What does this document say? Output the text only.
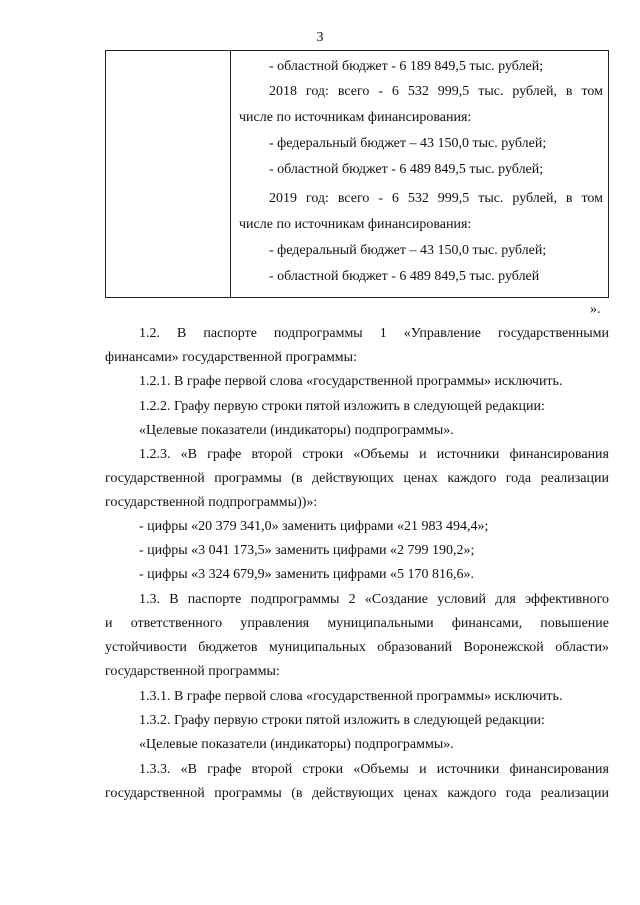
3
- областной бюджет - 6 189 849,5 тыс. рублей;
2018 год: всего - 6 532 999,5 тыс. рублей, в том
числе по источникам финансирования:
- федеральный бюджет – 43 150,0 тыс. рублей;
- областной бюджет - 6 489 849,5 тыс. рублей;
2019 год: всего - 6 532 999,5 тыс. рублей, в том
числе по источникам финансирования:
- федеральный бюджет – 43 150,0 тыс. рублей;
- областной бюджет - 6 489 849,5 тыс. рублей
».
1.2. В паспорте подпрограммы 1 «Управление государственными
финансами» государственной программы:
1.2.1. В графе первой слова «государственной программы» исключить.
1.2.2. Графу первую строки пятой изложить в следующей редакции:
«Целевые показатели (индикаторы) подпрограммы».
1.2.3. «В графе второй строки «Объемы и источники финансирования
государственной программы (в действующих ценах каждого года реализации
государственной подпрограммы))»:
- цифры «20 379 341,0» заменить цифрами «21 983 494,4»;
- цифры «3 041 173,5» заменить цифрами «2 799 190,2»;
- цифры «3 324 679,9» заменить цифрами «5 170 816,6».
1.3. В паспорте подпрограммы 2 «Создание условий для эффективного
и ответственного управления муниципальными финансами, повышение
устойчивости бюджетов муниципальных образований Воронежской области»
государственной программы:
1.3.1. В графе первой слова «государственной программы» исключить.
1.3.2. Графу первую строки пятой изложить в следующей редакции:
«Целевые показатели (индикаторы) подпрограммы».
1.3.3. «В графе второй строки «Объемы и источники финансирования
государственной программы (в действующих ценах каждого года реализации
